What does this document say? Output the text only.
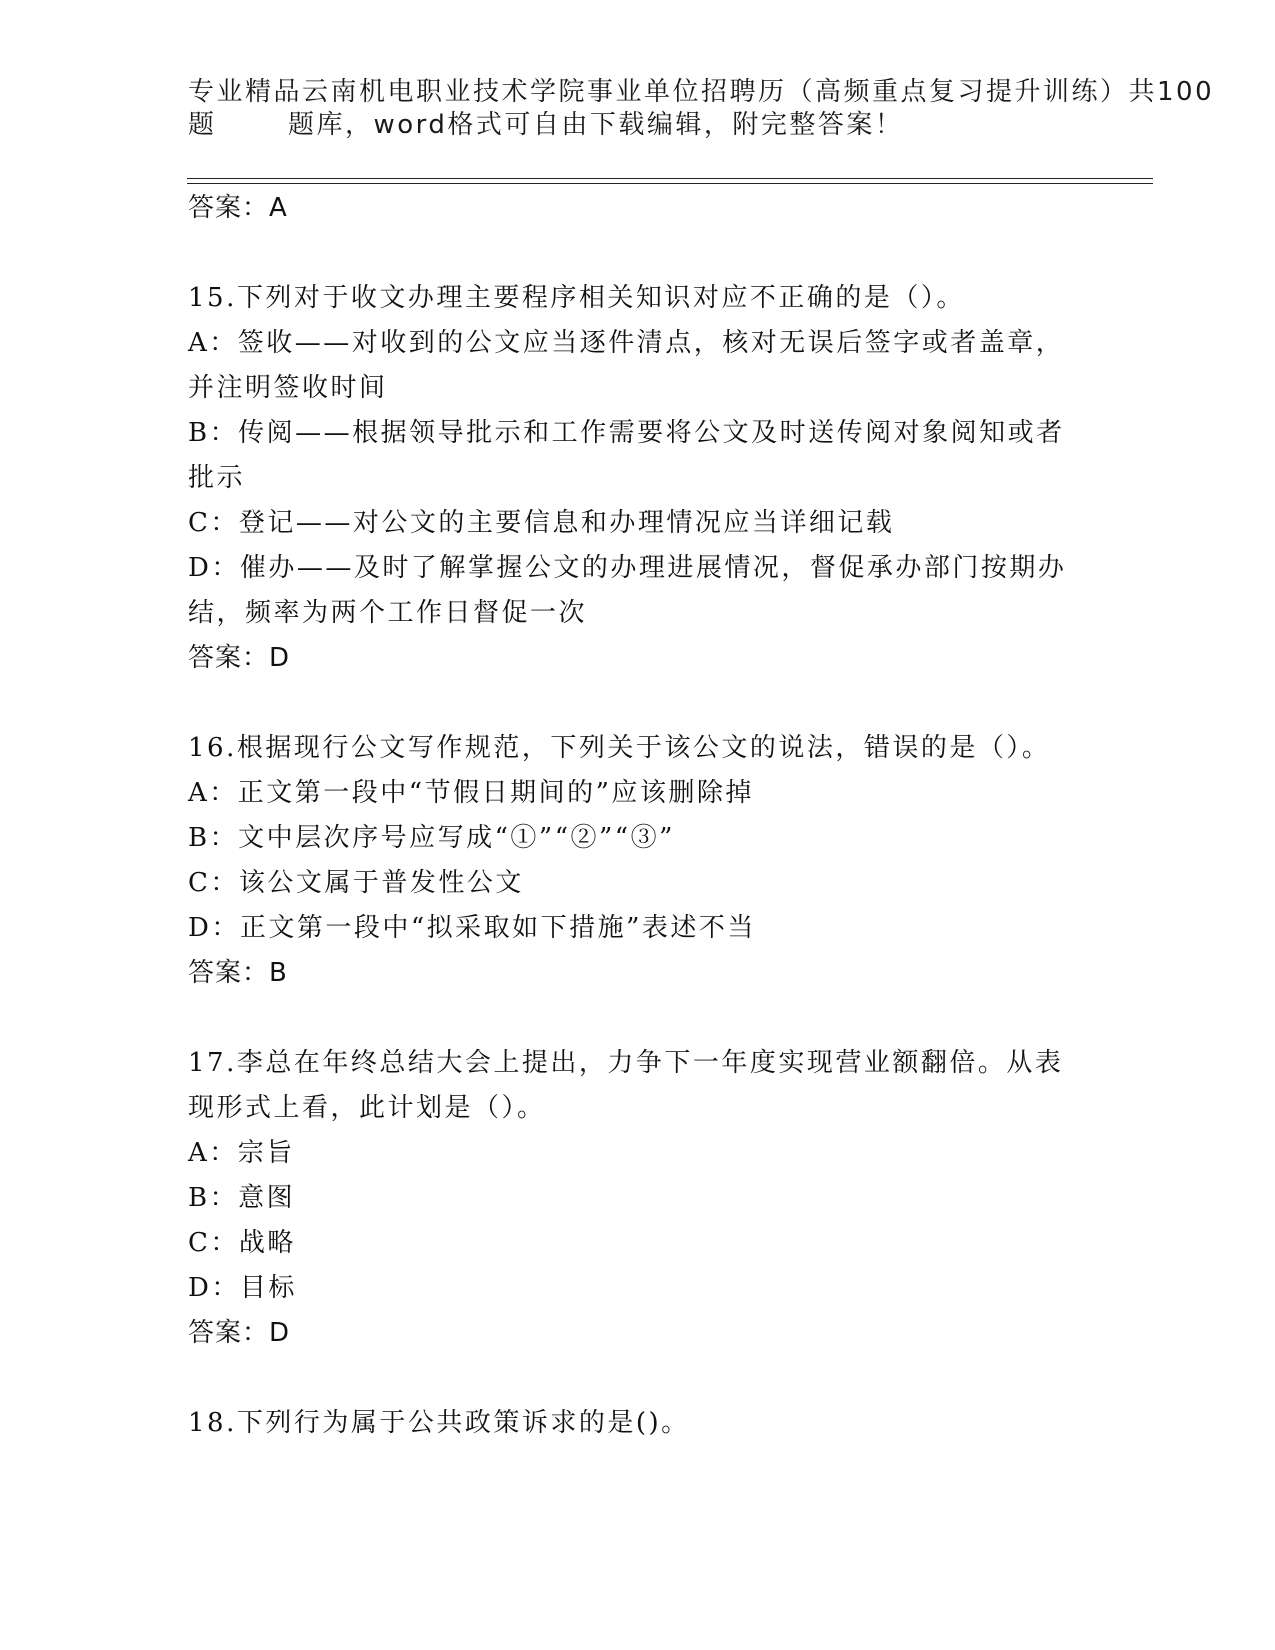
专业精品云南机电职业技术学院事业单位招聘历（高频重点复习提升训练）共100
题	题库，word格式可自由下载编辑，附完整答案！
答案：A
15.下列对于收文办理主要程序相关知识对应不正确的是（）。
A：签收——对收到的公文应当逐件清点，核对无误后签字或者盖章，
并注明签收时间
B：传阅——根据领导批示和工作需要将公文及时送传阅对象阅知或者
批示
C：登记——对公文的主要信息和办理情况应当详细记载
D：催办——及时了解掌握公文的办理进展情况，督促承办部门按期办
结，频率为两个工作日督促一次
答案：D
16.根据现行公文写作规范，下列关于该公文的说法，错误的是（）。
A：正文第一段中“节假日期间的”应该删除掉
B：文中层次序号应写成“①”“②”“③”
C：该公文属于普发性公文
D：正文第一段中“拟采取如下措施”表述不当
答案：B
17.李总在年终总结大会上提出，力争下一年度实现营业额翻倍。从表
现形式上看，此计划是（）。
A：宗旨
B：意图
C：战略
D：目标
答案：D
18.下列行为属于公共政策诉求的是()。
